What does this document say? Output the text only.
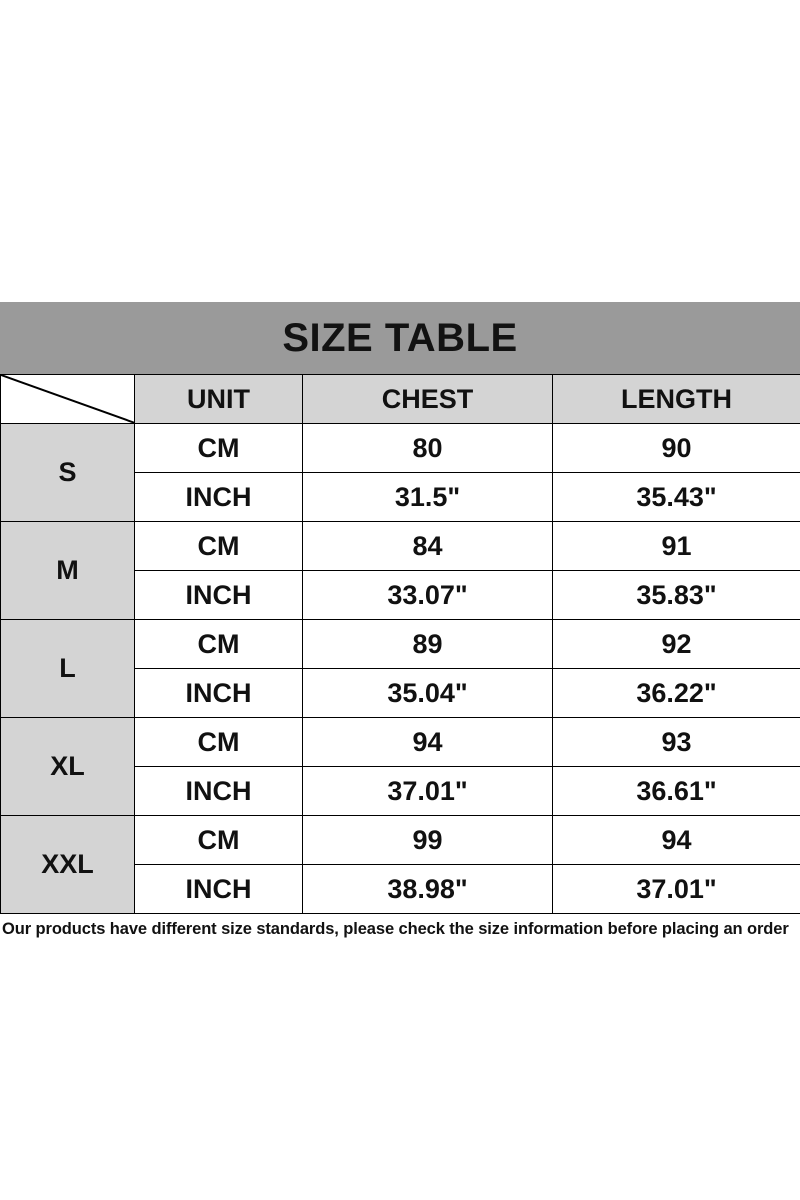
SIZE TABLE
	UNIT	CHEST	LENGTH
S	CM	80	90
	INCH	31.5"	35.43"
M	CM	84	91
	INCH	33.07"	35.83"
L	CM	89	92
	INCH	35.04"	36.22"
XL	CM	94	93
	INCH	37.01"	36.61"
XXL	CM	99	94
	INCH	38.98"	37.01"
Our products have different size standards, please check the size information before placing an order
